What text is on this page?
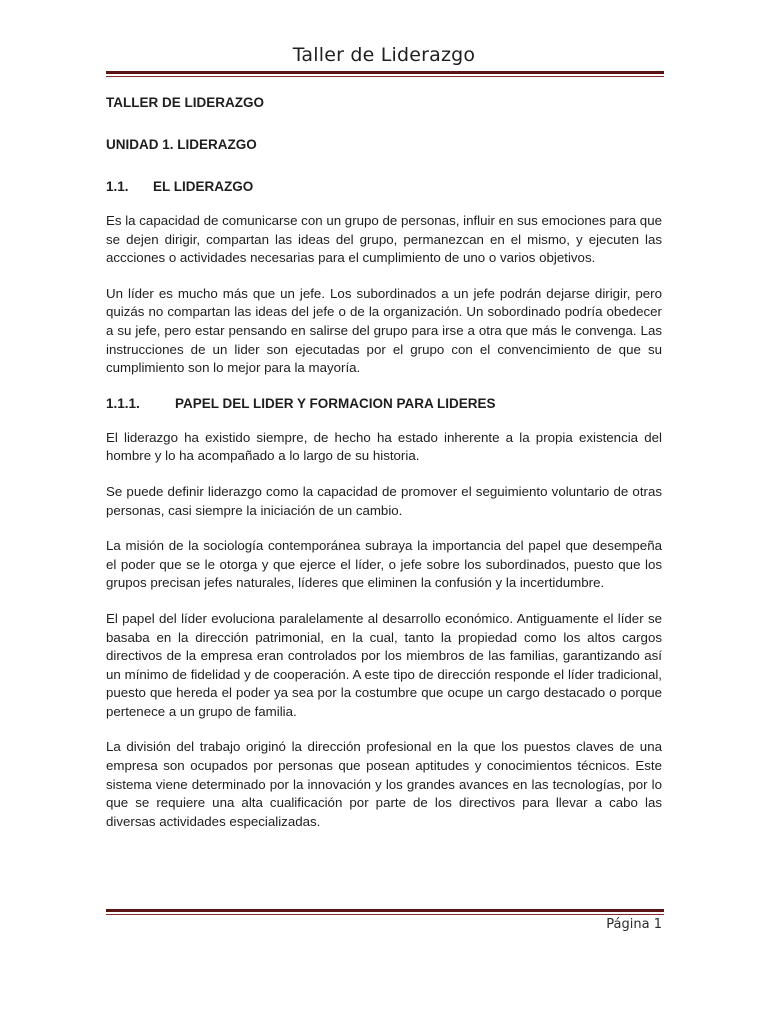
Taller de Liderazgo
TALLER DE LIDERAZGO
UNIDAD 1. LIDERAZGO
1.1.	EL LIDERAZGO

Es la capacidad de comunicarse con un grupo de personas, influir en sus emociones para que se dejen dirigir, compartan las ideas del grupo, permanezcan en el mismo, y ejecuten las accciones o actividades necesarias para el cumplimiento de uno o varios objetivos.

Un líder es mucho más que un jefe. Los subordinados a un jefe podrán dejarse dirigir, pero quizás no compartan las ideas del jefe o de la organización. Un sobordinado podría obedecer a su jefe, pero estar pensando en salirse del grupo para irse a otra que más le convenga. Las instrucciones de un lider son ejecutadas por el grupo con el convencimiento de que su cumplimiento son lo mejor para la mayoría.

1.1.1.	PAPEL DEL LIDER Y FORMACION PARA LIDERES

El liderazgo ha existido siempre, de hecho ha estado inherente a la propia existencia del hombre y lo ha acompañado a lo largo de su historia.

Se puede definir liderazgo como la capacidad de promover el seguimiento voluntario de otras personas, casi siempre la iniciación de un cambio.

La misión de la sociología contemporánea subraya la importancia del papel que desempeña el poder que se le otorga y que ejerce el líder, o jefe sobre los subordinados, puesto que los grupos precisan jefes naturales, líderes que eliminen la confusión y la incertidumbre.

El papel del líder evoluciona paralelamente al desarrollo económico. Antiguamente el líder se basaba en la dirección patrimonial, en la cual, tanto la propiedad como los altos cargos directivos de la empresa eran controlados por los miembros de las familias, garantizando así un mínimo de fidelidad y de cooperación. A este tipo de dirección responde el líder tradicional, puesto que hereda el poder ya sea por la costumbre que ocupe un cargo destacado o porque pertenece a un grupo de familia.

La división del trabajo originó la dirección profesional en la que los puestos claves de una empresa son ocupados por personas que posean aptitudes y conocimientos técnicos. Este sistema viene determinado por la innovación y los grandes avances en las tecnologías, por lo que se requiere una alta cualificación por parte de los directivos para llevar a cabo las diversas actividades especializadas.

Página 1
